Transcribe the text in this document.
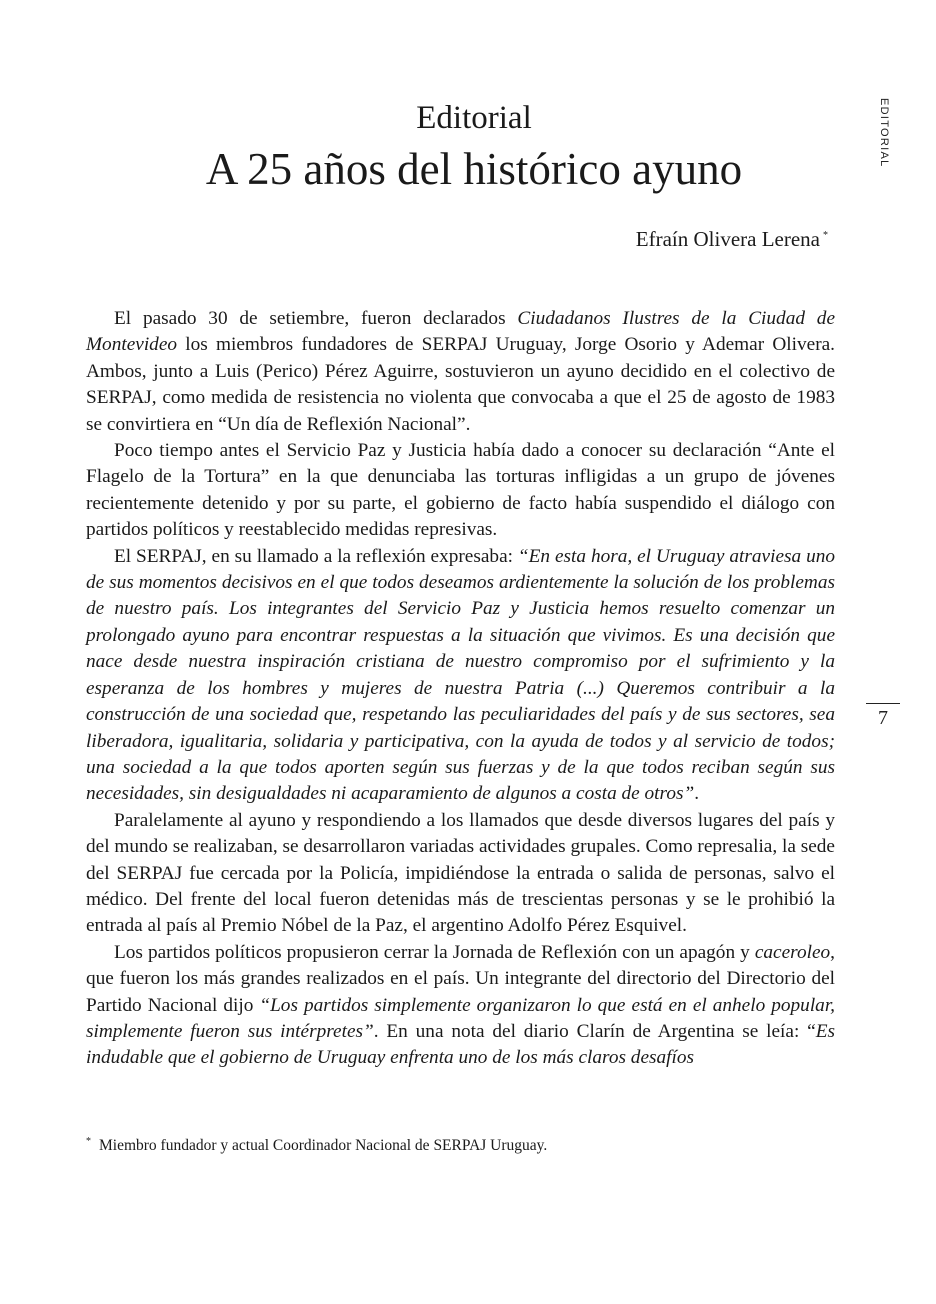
EDITORIAL
7
Editorial
A 25 años del histórico ayuno
Efraín Olivera Lerena *

El pasado 30 de setiembre, fueron declarados Ciudadanos Ilustres de la Ciudad de Montevideo los miembros fundadores de SERPAJ Uruguay, Jorge Osorio y Ademar Olivera. Ambos, junto a Luis (Perico) Pérez Aguirre, sostuvieron un ayuno decidido en el colectivo de SERPAJ, como medida de resistencia no violenta que convocaba a que el 25 de agosto de 1983 se convirtiera en “Un día de Reflexión Nacional”.

Poco tiempo antes el Servicio Paz y Justicia había dado a conocer su declaración “Ante el Flagelo de la Tortura” en la que denunciaba las torturas infligidas a un grupo de jóvenes recientemente detenido y por su parte, el gobierno de facto había suspendido el diálogo con partidos políticos y reestablecido medidas represivas.

El SERPAJ, en su llamado a la reflexión expresaba: “En esta hora, el Uruguay atraviesa uno de sus momentos decisivos en el que todos deseamos ardientemente la solución de los problemas de nuestro país. Los integrantes del Servicio Paz y Justicia hemos resuelto comenzar un prolongado ayuno para encontrar respuestas a la situación que vivimos. Es una decisión que nace desde nuestra inspiración cristiana de nuestro compromiso por el sufrimiento y la esperanza de los hombres y mujeres de nuestra Patria (...) Queremos contribuir a la construcción de una sociedad que, respetando las peculiaridades del país y de sus sectores, sea liberadora, igualitaria, solidaria y participativa, con la ayuda de todos y al servicio de todos; una sociedad a la que todos aporten según sus fuerzas y de la que todos reciban según sus necesidades, sin desigualdades ni acaparamiento de algunos a costa de otros”.

Paralelamente al ayuno y respondiendo a los llamados que desde diversos lugares del país y del mundo se realizaban, se desarrollaron variadas actividades grupales. Como represalia, la sede del SERPAJ fue cercada por la Policía, impidiéndose la entrada o salida de personas, salvo el médico. Del frente del local fueron detenidas más de trescientas personas y se le prohibió la entrada al país al Premio Nóbel de la Paz, el argentino Adolfo Pérez Esquivel.

Los partidos políticos propusieron cerrar la Jornada de Reflexión con un apagón y caceroleo, que fueron los más grandes realizados en el país. Un integrante del directorio del Directorio del Partido Nacional dijo “Los partidos simplemente organizaron lo que está en el anhelo popular, simplemente fueron sus intérpretes”. En una nota del diario Clarín de Argentina se leía: “Es indudable que el gobierno de Uruguay enfrenta uno de los más claros desafíos

* Miembro fundador y actual Coordinador Nacional de SERPAJ Uruguay.
